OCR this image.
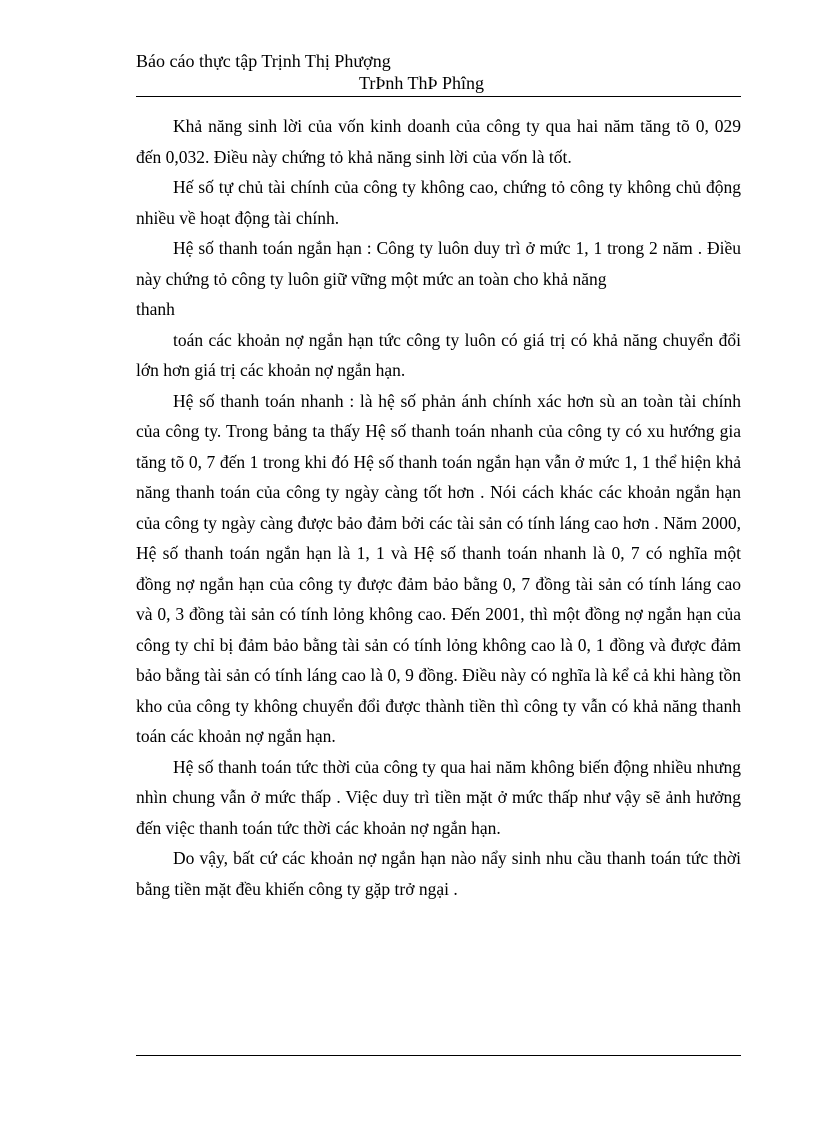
Báo cáo thực tập Trịnh Thị Phượng
TrÞnh ThÞ Phîng

Khả năng sinh lời của vốn kinh doanh của công ty qua hai năm tăng tõ 0, 029 đến 0,032. Điều này chứng tỏ khả năng sinh lời của vốn là tốt.

Hế số tự chủ tài chính của công ty không cao, chứng tỏ công ty không chủ động nhiều về hoạt động tài chính.

Hệ số thanh toán ngắn hạn : Công ty luôn duy trì ở mức 1, 1 trong 2 năm . Điều này chứng tỏ công ty luôn giữ vững một mức an toàn cho khả năng

thanh

toán các khoản nợ ngắn hạn tức công ty luôn có giá trị có khả năng chuyển đổi lớn hơn giá trị các khoản nợ ngắn hạn.

Hệ số thanh toán nhanh : là hệ số phản ánh chính xác hơn sù an toàn tài chính của công ty. Trong bảng ta thấy Hệ số thanh toán nhanh của công ty có xu hướng gia tăng tõ 0, 7 đến 1 trong khi đó Hệ số thanh toán ngắn hạn vẫn ở mức 1, 1 thể hiện khả năng thanh toán của công ty ngày càng tốt hơn . Nói cách khác các khoản ngắn hạn của công ty ngày càng được bảo đảm bởi các tài sản có tính láng cao hơn . Năm 2000, Hệ số thanh toán ngắn hạn là 1, 1 và Hệ số thanh toán nhanh là 0, 7 có nghĩa một đồng nợ ngắn hạn của công ty được đảm bảo bằng 0, 7 đồng tài sản có tính láng cao và 0, 3 đồng tài sản có tính lỏng không cao. Đến 2001, thì một đồng nợ ngắn hạn của công ty chỉ bị đảm bảo bằng tài sản có tính lỏng không cao là 0, 1 đồng và được đảm bảo bằng tài sản có tính láng cao là 0, 9 đồng. Điều này có nghĩa là kể cả khi hàng tồn kho của công ty không chuyển đổi được thành tiền thì công ty vẫn có khả năng thanh toán các khoản nợ ngắn hạn.

Hệ số thanh toán tức thời của công ty qua hai năm không biến động nhiều nhưng nhìn chung vẫn ở mức thấp . Việc duy trì tiền mặt ở mức thấp như vậy sẽ ảnh hưởng đến việc thanh toán tức thời các khoản nợ ngắn hạn.

Do vậy, bất cứ các khoản nợ ngắn hạn nào nẩy sinh nhu cầu thanh toán tức thời bằng tiền mặt đều khiến công ty gặp trở ngại .
